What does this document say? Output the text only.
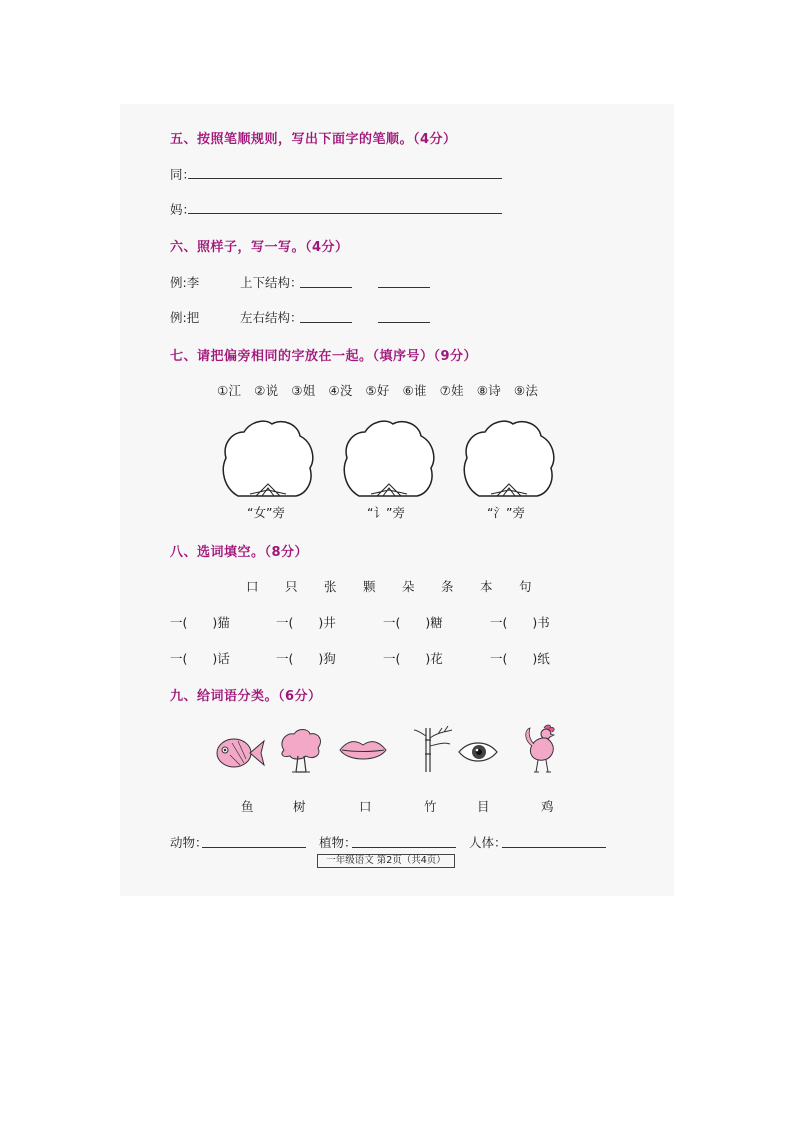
五、按照笔顺规则，写出下面字的笔顺。（4分）
同：
妈：
六、照样子，写一写。（4分）
例:李	上下结构：
例:把	左右结构：
七、请把偏旁相同的字放在一起。（填序号）（9分）
①江　②说　③姐　④没　⑤好　⑥谁　⑦娃　⑧诗　⑨法
“女”旁	“讠”旁	“氵”旁
八、选词填空。（8分）
口 只 张 颗 朵 条 本 句
一(　　)猫	一(　　)井	一(　　)糖	一(　　)书
一(　　)话	一(　　)狗	一(　　)花	一(　　)纸
九、给词语分类。（6分）
鱼	树	口	竹	目	鸡
动物：	植物：	人体：
一年级语文 第2页（共4页）
